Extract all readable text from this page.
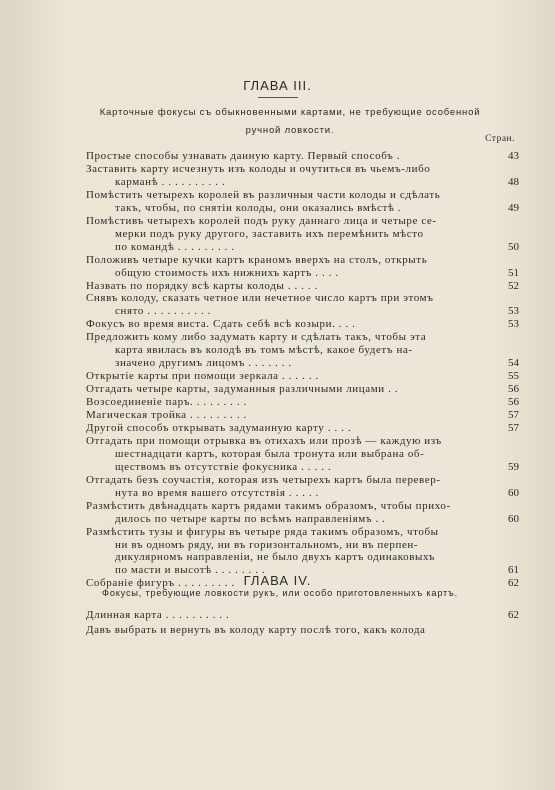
ГЛАВА III.
Карточные фокусы съ обыкновенными картами, не требующие особенной
ручной ловкости.
Стран.
Простые способы узнавать данную карту. Первый способъ .	43
Заставить карту исчезнуть изъ колоды и очутиться въ чьемъ-либо
карманѣ . . . . . . . . . .	48
Помѣстить четырехъ королей въ различныя части колоды и сдѣлать
такъ, чтобы, по снятіи колоды, они оказались вмѣстѣ .	49
Помѣстивъ четырехъ королей подъ руку даннаго лица и четыре се-
мерки подъ руку другого, заставить ихъ перемѣнить мѣсто
по командѣ . . . . . . . . .	50
Положивъ четыре кучки картъ кpаномъ вверхъ на столъ, открыть
общую стоимость ихъ нижнихъ картъ . . . .	51
Назвать по порядку всѣ карты колоды . . . . .	52
Снявъ колоду, сказать четное или нечетное число картъ при этомъ
снято . . . . . . . . . .	53
Фокусъ во время виста. Сдать себѣ всѣ козыри. . . .	53
Предложить кому либо задумать карту и сдѣлать такъ, чтобы эта
карта явилась въ колодѣ въ томъ мѣстѣ, какое будетъ на-
значено другимъ лицомъ . . . . . . .	54
Открытіе карты при помощи зеркала . . . . . .	55
Отгадать четыре карты, задуманныя различными лицами . .	56
Возсоединеніе паръ. . . . . . . . .	56
Магическая тройка . . . . . . . . .	57
Другой способъ открывать задуманную карту . . . .	57
Отгадать при помощи отрывка въ отихахъ или прозѣ — каждую изъ
шестнадцати картъ, которая была тронута или выбрана об-
ществомъ въ отсутствіе фокусника . . . . .	59
Отгадать безъ соучастія, которая изъ четырехъ картъ была перевер-
нута во время вашего отсутствія . . . . .	60
Размѣстить двѣнадцать картъ рядами такимъ образомъ, чтобы прихо-
дилось по четыре карты по всѣмъ направленіямъ . .	60
Размѣстить тузы и фигуры въ четыре ряда такимъ образомъ, чтобы
ни въ одномъ ряду, ни въ горизонтальномъ, ни въ перпен-
дикулярномъ направленіи, не было двухъ картъ одинаковыхъ
по масти и высотѣ . . . . . . . .	61
Собраніе фигуръ . . . . . . . . .	62
ГЛАВА IV.
Фокусы, требующие ловкости рукъ, или особо приготовленныхъ картъ.
Длинная карта . . . . . . . . . .	62
Давъ выбрать и вернуть въ колоду карту послѣ того, какъ колода
